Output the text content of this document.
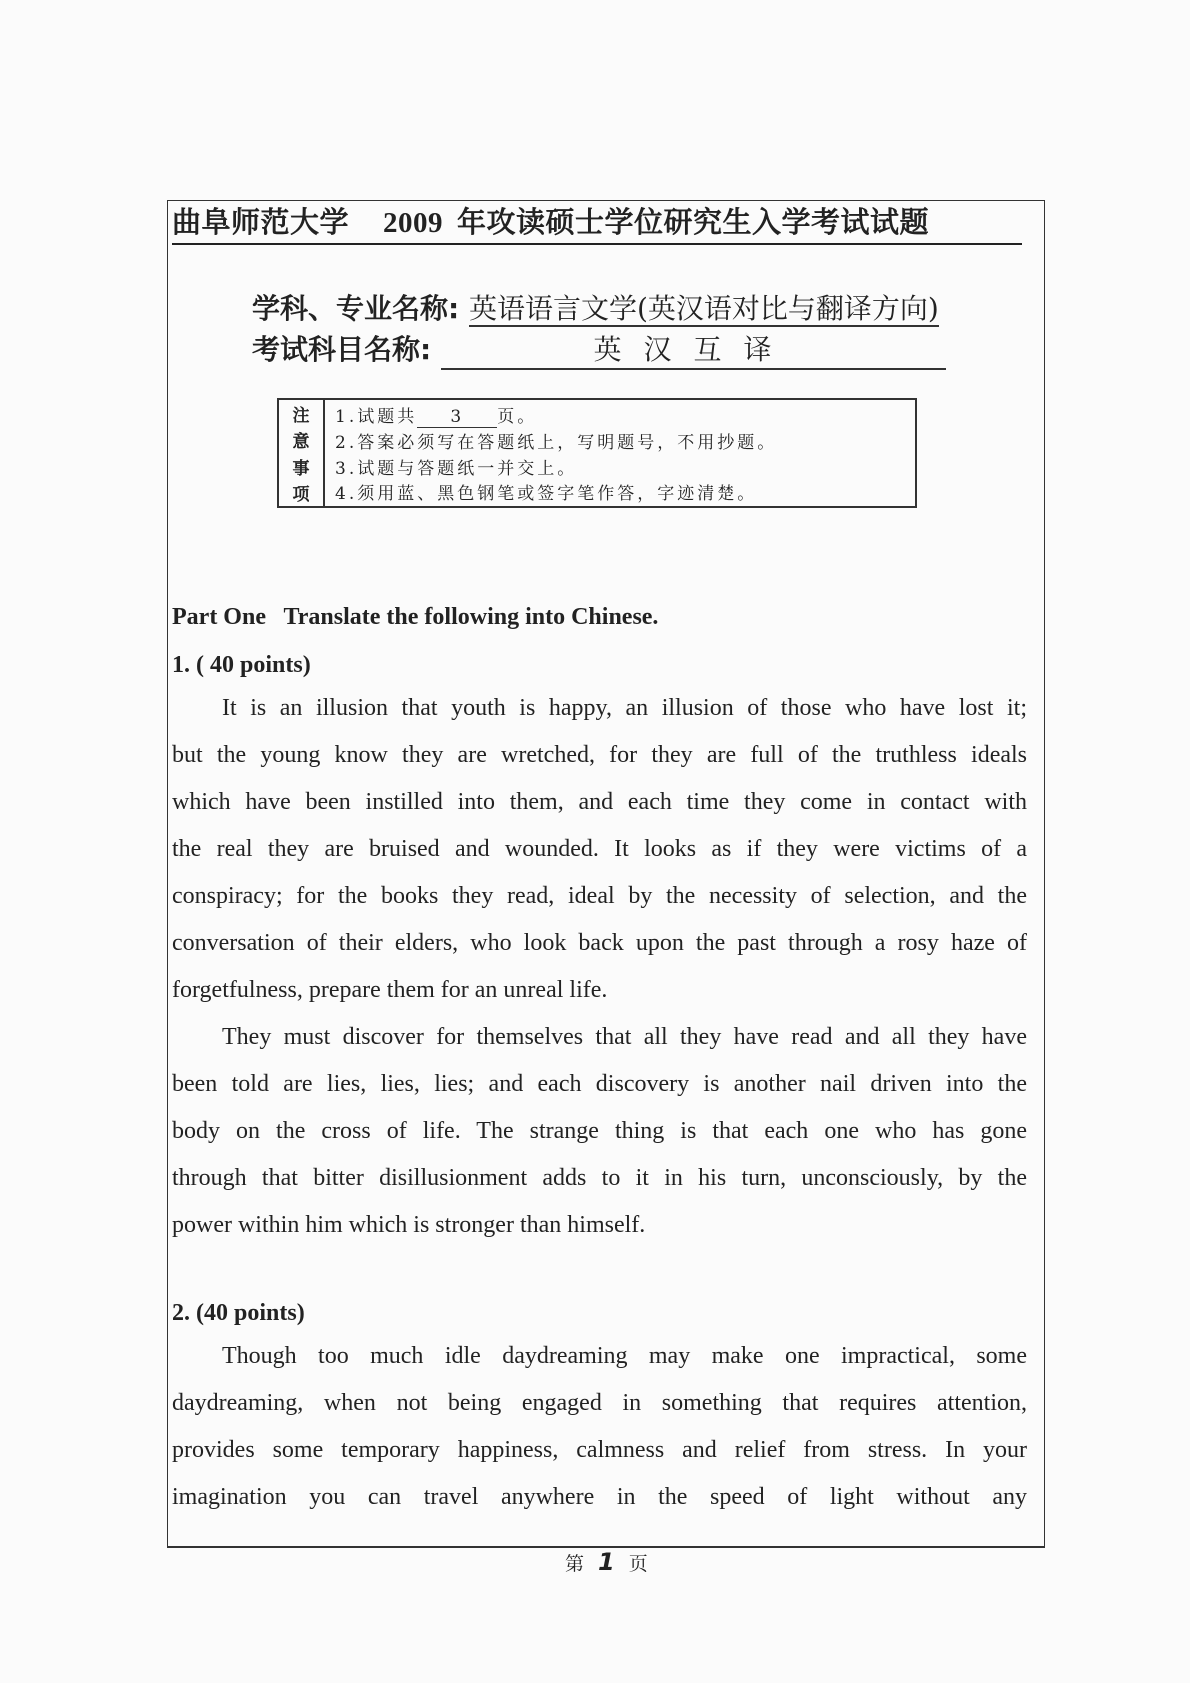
曲阜师范大学 2009 年攻读硕士学位研究生入学考试试题
学科、专业名称: 英语语言文学(英汉语对比与翻译方向)
考试科目名称:	英汉互译
注
意
事
项
1.试题共 3 页。
2.答案必须写在答题纸上，写明题号，不用抄题。
3.试题与答题纸一并交上。
4.须用蓝、黑色钢笔或签字笔作答，字迹清楚。
Part One   Translate the following into Chinese.
1. ( 40 points)
It is an illusion that youth is happy, an illusion of those who have lost it;
but the young know they are wretched, for they are full of the truthless ideals
which have been instilled into them, and each time they come in contact with
the real they are bruised and wounded. It looks as if they were victims of a
conspiracy; for the books they read, ideal by the necessity of selection, and the
conversation of their elders, who look back upon the past through a rosy haze of
forgetfulness, prepare them for an unreal life.
They must discover for themselves that all they have read and all they have
been told are lies, lies, lies; and each discovery is another nail driven into the
body on the cross of life. The strange thing is that each one who has gone
through that bitter disillusionment adds to it in his turn, unconsciously, by the
power within him which is stronger than himself.
2. (40 points)
Though too much idle daydreaming may make one impractical, some
daydreaming, when not being engaged in something that requires attention,
provides some temporary happiness, calmness and relief from stress. In your
imagination you can travel anywhere in the speed of light without any
第 1 页
